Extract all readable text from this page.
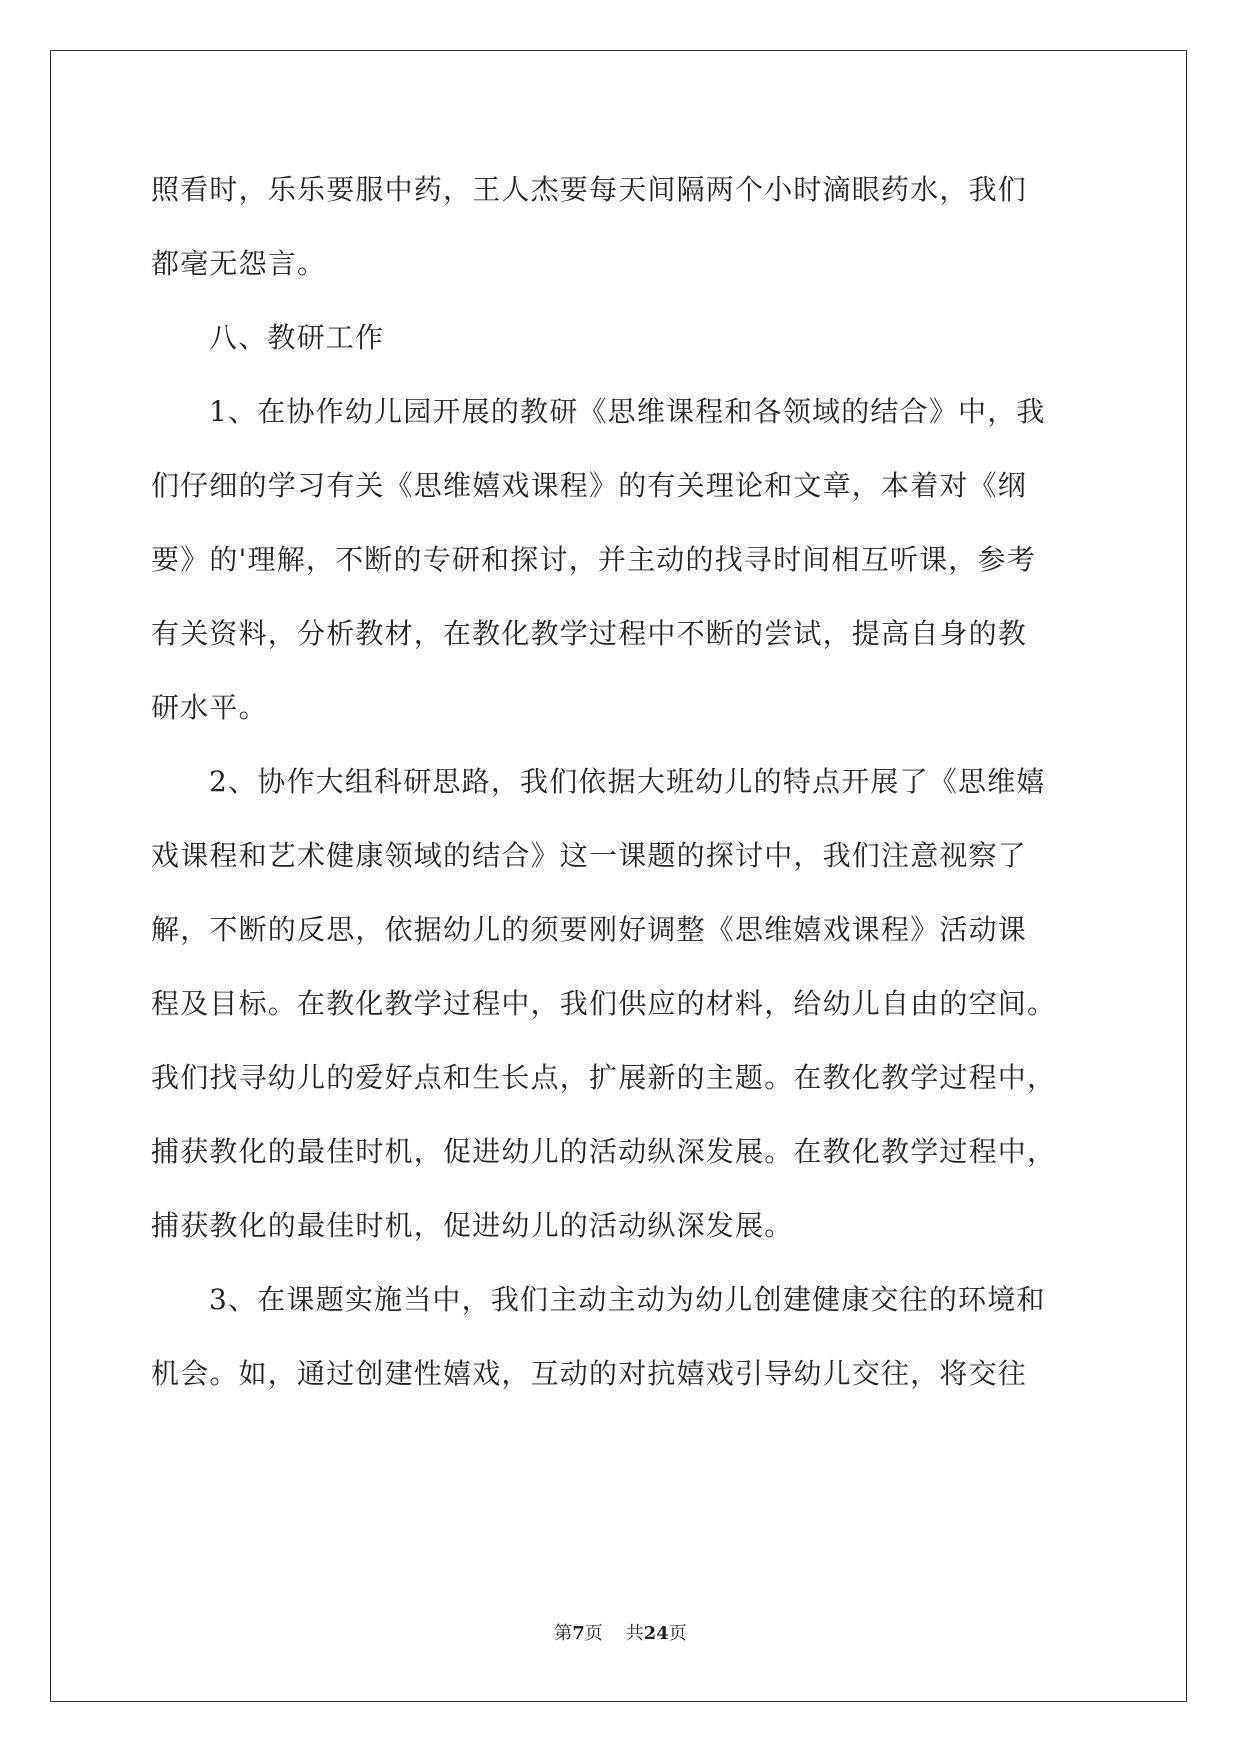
照看时，乐乐要服中药，王人杰要每天间隔两个小时滴眼药水，我们
都毫无怨言。
八、教研工作
1、在协作幼儿园开展的教研《思维课程和各领域的结合》中，我
们仔细的学习有关《思维嬉戏课程》的有关理论和文章，本着对《纲
要》的'理解，不断的专研和探讨，并主动的找寻时间相互听课，参考
有关资料，分析教材，在教化教学过程中不断的尝试，提高自身的教
研水平。
2、协作大组科研思路，我们依据大班幼儿的特点开展了《思维嬉
戏课程和艺术健康领域的结合》这一课题的探讨中，我们注意视察了
解，不断的反思，依据幼儿的须要刚好调整《思维嬉戏课程》活动课
程及目标。在教化教学过程中，我们供应的材料，给幼儿自由的空间。
我们找寻幼儿的爱好点和生长点，扩展新的主题。在教化教学过程中，
捕获教化的最佳时机，促进幼儿的活动纵深发展。在教化教学过程中，
捕获教化的最佳时机，促进幼儿的活动纵深发展。
3、在课题实施当中，我们主动主动为幼儿创建健康交往的环境和
机会。如，通过创建性嬉戏，互动的对抗嬉戏引导幼儿交往，将交往
第7页 共24页
